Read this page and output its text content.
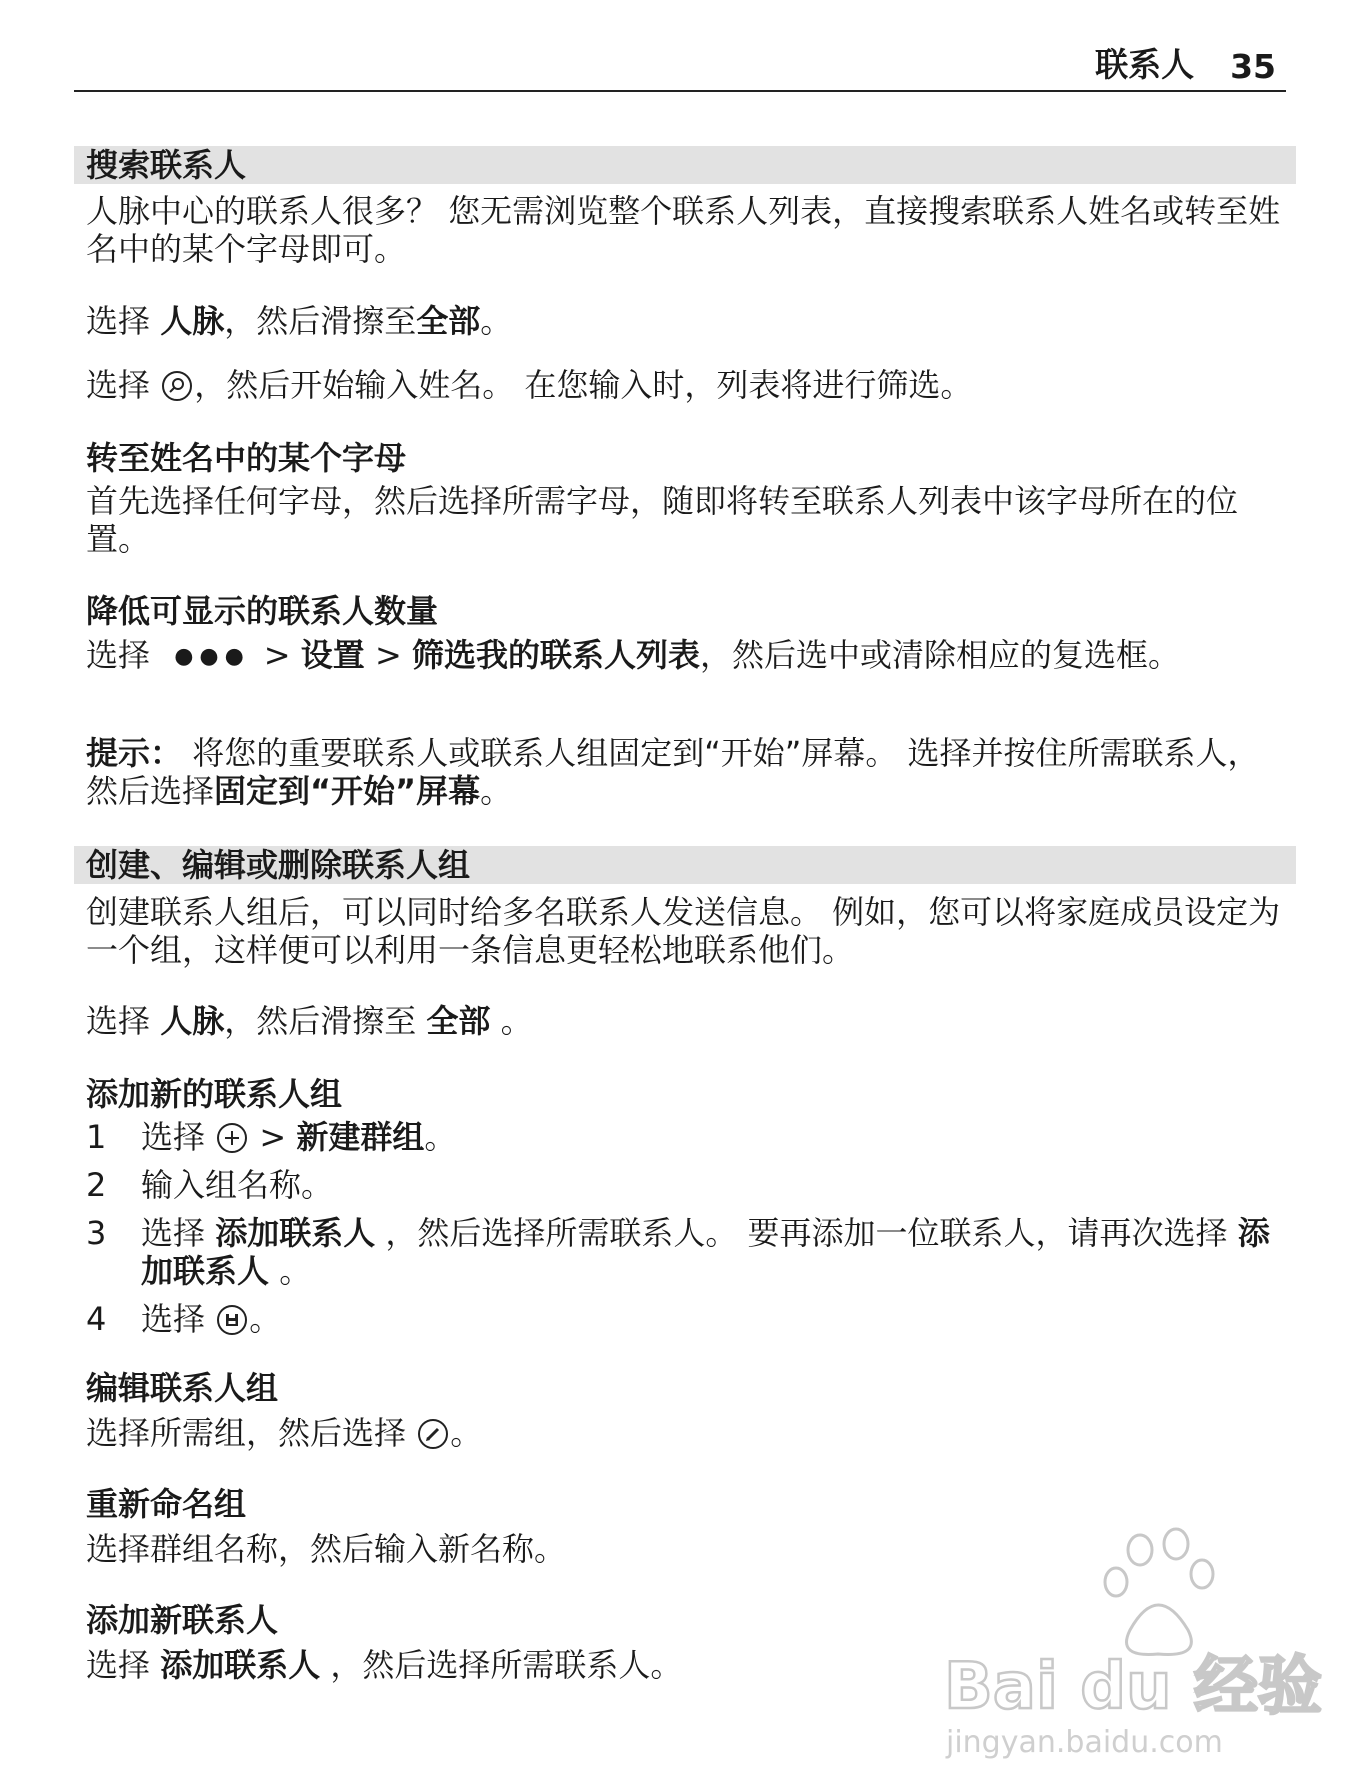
联系人 35
搜索联系人
人脉中心的联系人很多？ 您无需浏览整个联系人列表，直接搜索联系人姓名或转至姓名中的某个字母即可。
选择 人脉，然后滑擦至全部。
选择
，然后开始输入姓名。 在您输入时，列表将进行筛选。
转至姓名中的某个字母
首先选择任何字母，然后选择所需字母，随即将转至联系人列表中该字母所在的位置。
降低可显示的联系人数量
选择 ●●● > 设置 > 筛选我的联系人列表，然后选中或清除相应的复选框。
提示： 将您的重要联系人或联系人组固定到“开始”屏幕。 选择并按住所需联系人，然后选择固定到“开始”屏幕。
创建、编辑或删除联系人组
创建联系人组后，可以同时给多名联系人发送信息。 例如，您可以将家庭成员设定为一个组，这样便可以利用一条信息更轻松地联系他们。
选择 人脉，然后滑擦至 全部 。
添加新的联系人组
1 选择
> 新建群组。
2 输入组名称。
3 选择 添加联系人 ，然后选择所需联系人。 要再添加一位联系人，请再次选择 添加联系人 。
4 选择
。
编辑联系人组
选择所需组，然后选择
。
重新命名组
选择群组名称，然后输入新名称。
添加新联系人
选择 添加联系人 ，然后选择所需联系人。	Bai du 经验
jingyan.baidu.com
